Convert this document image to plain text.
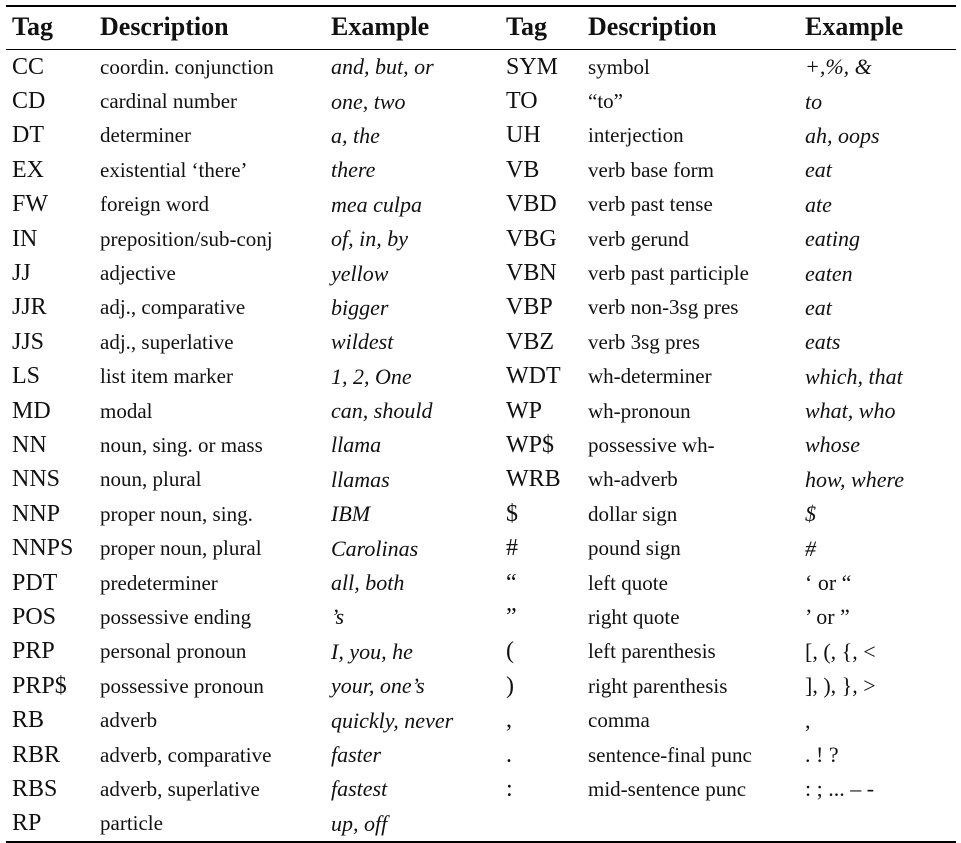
Tag	Description	Example	Tag	Description	Example
CC	coordin. conjunction	and, but, or	SYM	symbol	+,%, &
CD	cardinal number	one, two	TO	“to”	to
DT	determiner	a, the	UH	interjection	ah, oops
EX	existential ‘there’	there	VB	verb base form	eat
FW	foreign word	mea culpa	VBD	verb past tense	ate
IN	preposition/sub-conj	of, in, by	VBG	verb gerund	eating
JJ	adjective	yellow	VBN	verb past participle	eaten
JJR	adj., comparative	bigger	VBP	verb non-3sg pres	eat
JJS	adj., superlative	wildest	VBZ	verb 3sg pres	eats
LS	list item marker	1, 2, One	WDT	wh-determiner	which, that
MD	modal	can, should	WP	wh-pronoun	what, who
NN	noun, sing. or mass	llama	WP$	possessive wh-	whose
NNS	noun, plural	llamas	WRB	wh-adverb	how, where
NNP	proper noun, sing.	IBM	$	dollar sign	$
NNPS	proper noun, plural	Carolinas	#	pound sign	#
PDT	predeterminer	all, both	“	left quote	‘ or “
POS	possessive ending	’s	”	right quote	’ or ”
PRP	personal pronoun	I, you, he	(	left parenthesis	[, (, {, <
PRP$	possessive pronoun	your, one’s	)	right parenthesis	], ), }, >
RB	adverb	quickly, never	,	comma	,
RBR	adverb, comparative	faster	.	sentence-final punc	. ! ?
RBS	adverb, superlative	fastest	:	mid-sentence punc	: ; ... – -
RP	particle	up, off			
